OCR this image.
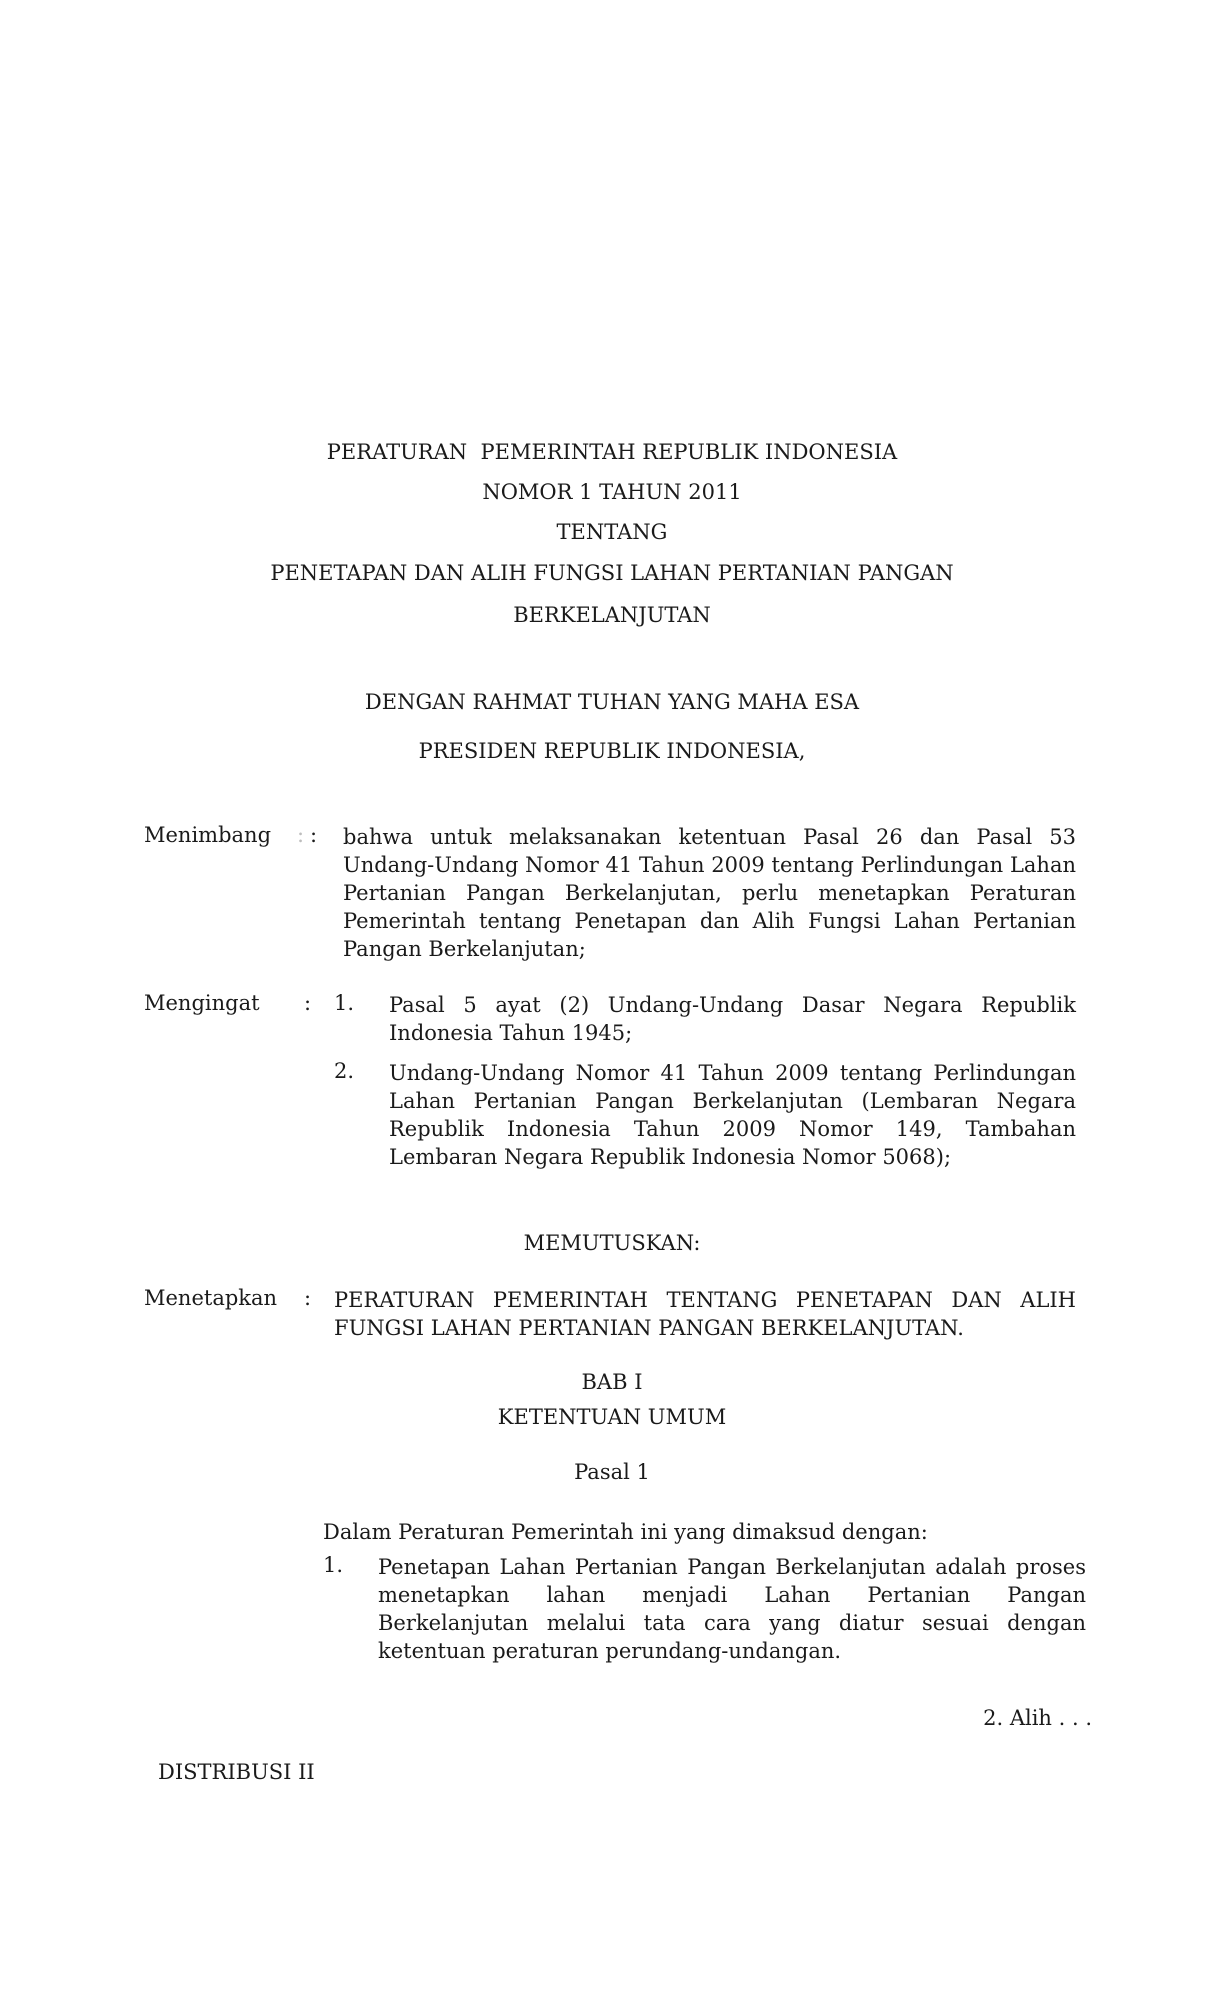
PERATURAN  PEMERINTAH REPUBLIK INDONESIA
NOMOR 1 TAHUN 2011
TENTANG
PENETAPAN DAN ALIH FUNGSI LAHAN PERTANIAN PANGAN
BERKELANJUTAN
DENGAN RAHMAT TUHAN YANG MAHA ESA
PRESIDEN REPUBLIK INDONESIA,
Menimbang : : bahwa untuk melaksanakan ketentuan Pasal 26 dan Pasal 53 Undang-Undang Nomor 41 Tahun 2009 tentang Perlindungan Lahan Pertanian Pangan Berkelanjutan, perlu menetapkan Peraturan Pemerintah tentang Penetapan dan Alih Fungsi Lahan Pertanian Pangan Berkelanjutan;
Mengingat : 1. Pasal 5 ayat (2) Undang-Undang Dasar Negara Republik Indonesia Tahun 1945;
2. Undang-Undang Nomor 41 Tahun 2009 tentang Perlindungan Lahan Pertanian Pangan Berkelanjutan (Lembaran Negara Republik Indonesia Tahun 2009 Nomor 149, Tambahan Lembaran Negara Republik Indonesia Nomor 5068);
MEMUTUSKAN:
Menetapkan : PERATURAN PEMERINTAH TENTANG PENETAPAN DAN ALIH FUNGSI LAHAN PERTANIAN PANGAN BERKELANJUTAN.
BAB I
KETENTUAN UMUM
Pasal 1
Dalam Peraturan Pemerintah ini yang dimaksud dengan:
1. Penetapan Lahan Pertanian Pangan Berkelanjutan adalah proses menetapkan lahan menjadi Lahan Pertanian Pangan Berkelanjutan melalui tata cara yang diatur sesuai dengan ketentuan peraturan perundang-undangan.
2. Alih . . .
DISTRIBUSI II
